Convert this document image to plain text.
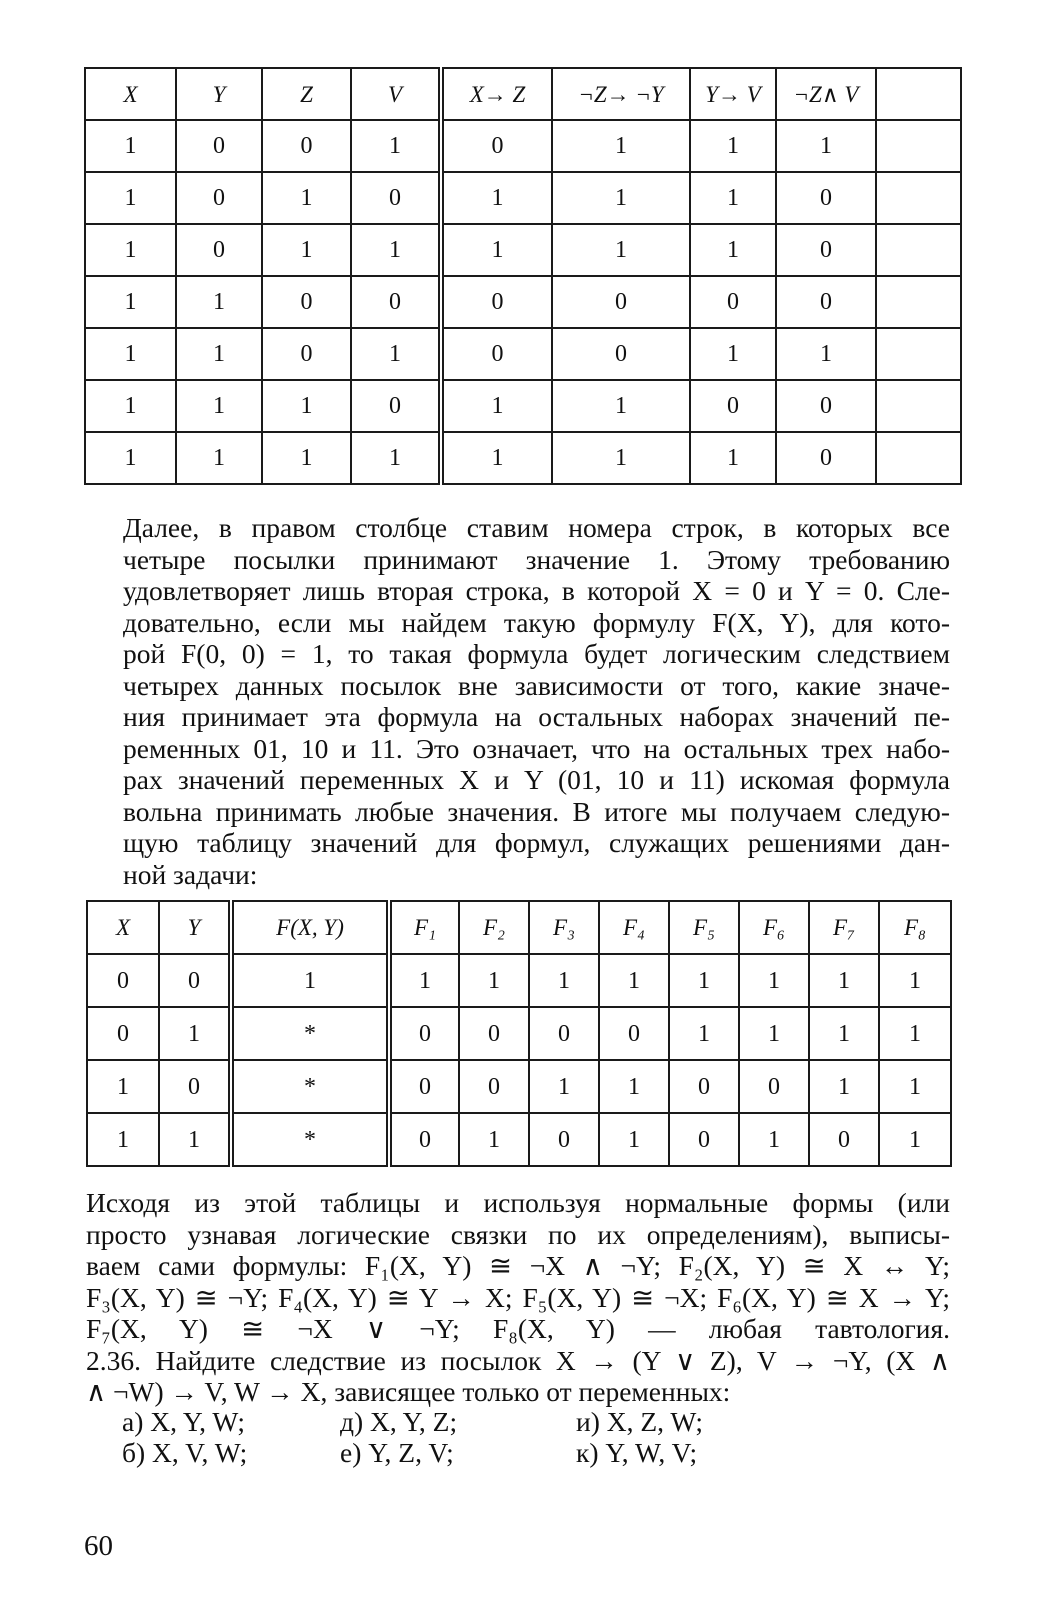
X	Y	Z	V	X→ Z	¬Z→ ¬Y	Y→ V	¬Z∧ V	
1	0	0	1	0	1	1	1	
1	0	1	0	1	1	1	0	
1	0	1	1	1	1	1	0	
1	1	0	0	0	0	0	0	
1	1	0	1	0	0	1	1	
1	1	1	0	1	1	0	0	
1	1	1	1	1	1	1	0	

Далее, в правом столбце ставим номера строк, в которых все
четыре посылки принимают значение 1. Этому требованию
удовлетворяет лишь вторая строка, в которой X = 0 и Y = 0. Сле-
довательно, если мы найдем такую формулу F(X, Y), для кото-
рой F(0, 0) = 1, то такая формула будет логическим следствием
четырех данных посылок вне зависимости от того, какие значе-
ния принимает эта формула на остальных наборах значений пе-
ременных 01, 10 и 11. Это означает, что на остальных трех набо-
рах значений переменных X и Y (01, 10 и 11) искомая формула
вольна принимать любые значения. В итоге мы получаем следую-
щую таблицу значений для формул, служащих решениями дан-
ной задачи:

X	Y	F(X, Y)	F₁	F₂	F₃	F₄	F₅	F₆	F₇	F₈
0	0	1	1	1	1	1	1	1	1	1
0	1	*	0	0	0	0	1	1	1	1
1	0	*	0	0	1	1	0	0	1	1
1	1	*	0	1	0	1	0	1	0	1

Исходя из этой таблицы и используя нормальные формы (или
просто узнавая логические связки по их определениям), выписы-
ваем сами формулы: F₁(X, Y) ≅ ¬X ∧ ¬Y; F₂(X, Y) ≅ X ↔ Y;
F₃(X, Y) ≅ ¬Y; F₄(X, Y) ≅ Y → X; F₅(X, Y) ≅ ¬X; F₆(X, Y) ≅ X → Y;
F₇(X, Y) ≅ ¬X ∨ ¬Y; F₈(X, Y) — любая тавтология.
2.36. Найдите следствие из посылок X → (Y ∨ Z), V → ¬Y, (X ∧
∧ ¬W) → V, W → X, зависящее только от переменных:

а) X, Y, W;	д) X, Y, Z;	и) X, Z, W;
б) X, V, W;	е) Y, Z, V;	к) Y, W, V;
60
